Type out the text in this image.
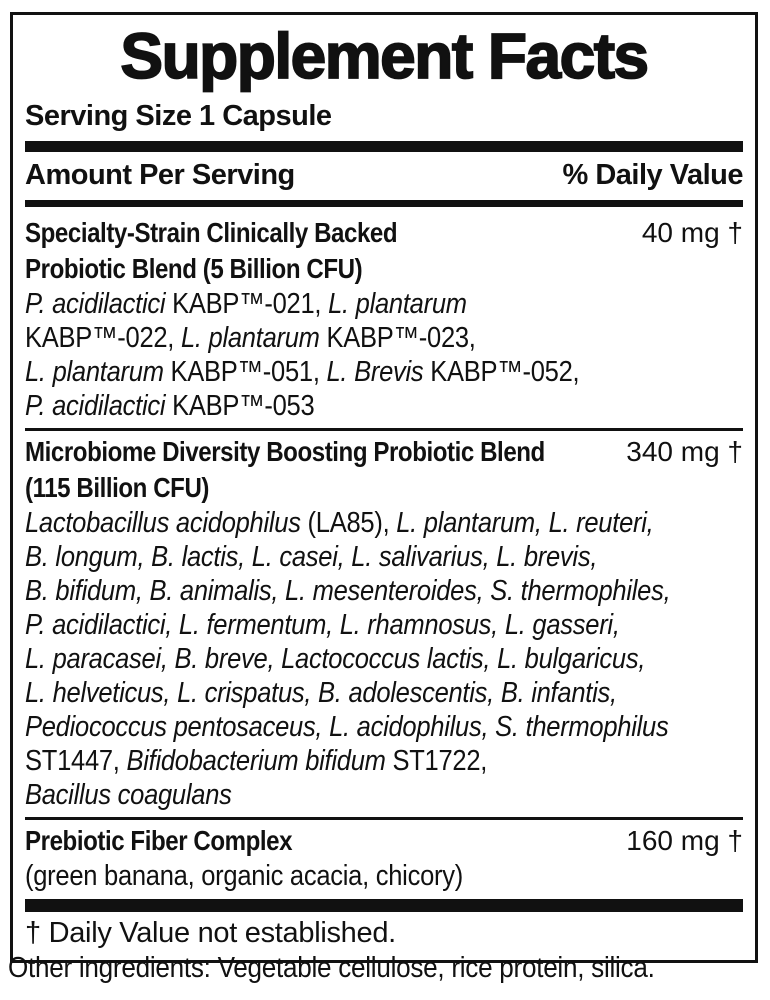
Supplement Facts
Serving Size 1 Capsule
Amount Per Serving	% Daily Value
Specialty-Strain Clinically Backed	40 mg †
Probiotic Blend (5 Billion CFU)
P. acidilactici KABP™-021, L. plantarum
KABP™-022, L. plantarum KABP™-023,
L. plantarum KABP™-051, L. Brevis KABP™-052,
P. acidilactici KABP™-053
Microbiome Diversity Boosting Probiotic Blend	340 mg †
(115 Billion CFU)
Lactobacillus acidophilus (LA85), L. plantarum, L. reuteri,
B. longum, B. lactis, L. casei, L. salivarius, L. brevis,
B. bifidum, B. animalis, L. mesenteroides, S. thermophiles,
P. acidilactici, L. fermentum, L. rhamnosus, L. gasseri,
L. paracasei, B. breve, Lactococcus lactis, L. bulgaricus,
L. helveticus, L. crispatus, B. adolescentis, B. infantis,
Pediococcus pentosaceus, L. acidophilus, S. thermophilus
ST1447, Bifidobacterium bifidum ST1722,
Bacillus coagulans
Prebiotic Fiber Complex	160 mg †
(green banana, organic acacia, chicory)
† Daily Value not established.
Other ingredients: Vegetable cellulose, rice protein, silica.
